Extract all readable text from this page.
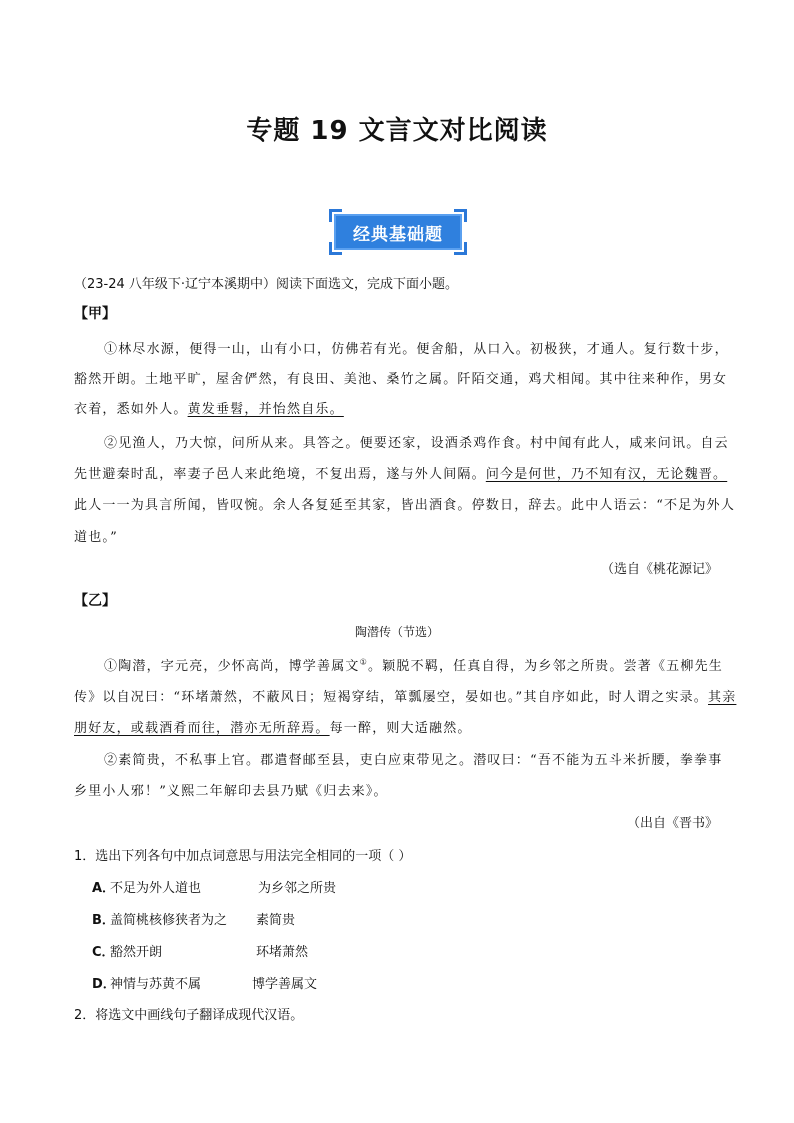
专题 19 文言文对比阅读
经典基础题
（23-24 八年级下·辽宁本溪期中）阅读下面选文，完成下面小题。
【甲】
①林尽水源，便得一山，山有小口，仿佛若有光。便舍船，从口入。初极狭，才通人。复行数十步，
豁然开朗。土地平旷，屋舍俨然，有良田、美池、桑竹之属。阡陌交通，鸡犬相闻。其中往来种作，男女
衣着，悉如外人。黄发垂髫，并怡然自乐。
②见渔人，乃大惊，问所从来。具答之。便要还家，设酒杀鸡作食。村中闻有此人，咸来问讯。自云
先世避秦时乱，率妻子邑人来此绝境，不复出焉，遂与外人间隔。问今是何世，乃不知有汉，无论魏晋。
此人一一为具言所闻，皆叹惋。余人各复延至其家，皆出酒食。停数日，辞去。此中人语云：“不足为外人
道也。”
（选自《桃花源记》
【乙】
陶潜传（节选）
①陶潜，字元亮，少怀高尚，博学善属文①。颖脱不羁，任真自得，为乡邻之所贵。尝著《五柳先生
传》以自况曰：“环堵萧然，不蔽风日；短褐穿结，箪瓢屡空，晏如也。”其自序如此，时人谓之实录。其亲
朋好友，或载酒肴而往，潜亦无所辞焉。每一醉，则大适融然。
②素简贵，不私事上官。郡遣督邮至县，吏白应束带见之。潜叹曰：“吾不能为五斗米折腰，拳拳事
乡里小人邪！”义熙二年解印去县乃赋《归去来》。
（出自《晋书》
1．选出下列各句中加点词意思与用法完全相同的一项（ ）
A．不足为外人道也	为乡邻之所贵
B．盖简桃核修狭者为之 素简贵
C．豁然开朗	环堵萧然
D．神情与苏黄不属	博学善属文
2．将选文中画线句子翻译成现代汉语。
